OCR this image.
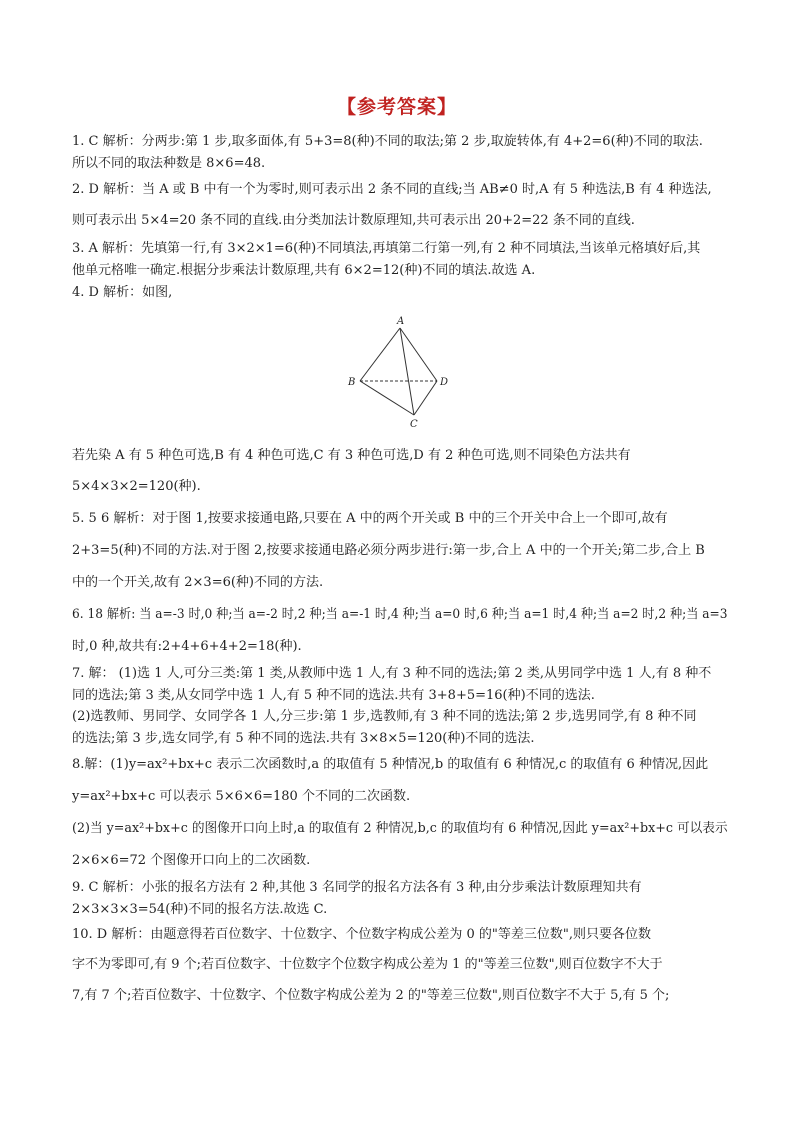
【参考答案】
1. C 解析：分两步:第 1 步,取多面体,有 5+3=8(种)不同的取法;第 2 步,取旋转体,有 4+2=6(种)不同的取法.
所以不同的取法种数是 8×6=48.
2. D 解析：当 A 或 B 中有一个为零时,则可表示出 2 条不同的直线;当 AB≠0 时,A 有 5 种选法,B 有 4 种选法,
则可表示出 5×4=20 条不同的直线.由分类加法计数原理知,共可表示出 20+2=22 条不同的直线.
3. A 解析：先填第一行,有 3×2×1=6(种)不同填法,再填第二行第一列,有 2 种不同填法,当该单元格填好后,其
他单元格唯一确定.根据分步乘法计数原理,共有 6×2=12(种)不同的填法.故选 A.
4. D 解析：如图,
A
B
C
D
若先染 A 有 5 种色可选,B 有 4 种色可选,C 有 3 种色可选,D 有 2 种色可选,则不同染色方法共有
5×4×3×2=120(种).
5. 5 6 解析：对于图 1,按要求接通电路,只要在 A 中的两个开关或 B 中的三个开关中合上一个即可,故有
2+3=5(种)不同的方法.对于图 2,按要求接通电路必须分两步进行:第一步,合上 A 中的一个开关;第二步,合上 B
中的一个开关,故有 2×3=6(种)不同的方法.
6. 18 解析: 当 a=-3 时,0 种;当 a=-2 时,2 种;当 a=-1 时,4 种;当 a=0 时,6 种;当 a=1 时,4 种;当 a=2 时,2 种;当 a=3
时,0 种,故共有:2+4+6+4+2=18(种).
7. 解： (1)选 1 人,可分三类:第 1 类,从教师中选 1 人,有 3 种不同的选法;第 2 类,从男同学中选 1 人,有 8 种不
同的选法;第 3 类,从女同学中选 1 人,有 5 种不同的选法.共有 3+8+5=16(种)不同的选法.
(2)选教师、男同学、女同学各 1 人,分三步:第 1 步,选教师,有 3 种不同的选法;第 2 步,选男同学,有 8 种不同
的选法;第 3 步,选女同学,有 5 种不同的选法.共有 3×8×5=120(种)不同的选法.
8.解：(1)y=ax²+bx+c 表示二次函数时,a 的取值有 5 种情况,b 的取值有 6 种情况,c 的取值有 6 种情况,因此
y=ax²+bx+c 可以表示 5×6×6=180 个不同的二次函数.
(2)当 y=ax²+bx+c 的图像开口向上时,a 的取值有 2 种情况,b,c 的取值均有 6 种情况,因此 y=ax²+bx+c 可以表示
2×6×6=72 个图像开口向上的二次函数.
9. C 解析：小张的报名方法有 2 种,其他 3 名同学的报名方法各有 3 种,由分步乘法计数原理知共有
2×3×3×3=54(种)不同的报名方法.故选 C.
10. D 解析：由题意得若百位数字、十位数字、个位数字构成公差为 0 的"等差三位数",则只要各位数
字不为零即可,有 9 个;若百位数字、十位数字个位数字构成公差为 1 的"等差三位数",则百位数字不大于
7,有 7 个;若百位数字、十位数字、个位数字构成公差为 2 的"等差三位数",则百位数字不大于 5,有 5 个;
